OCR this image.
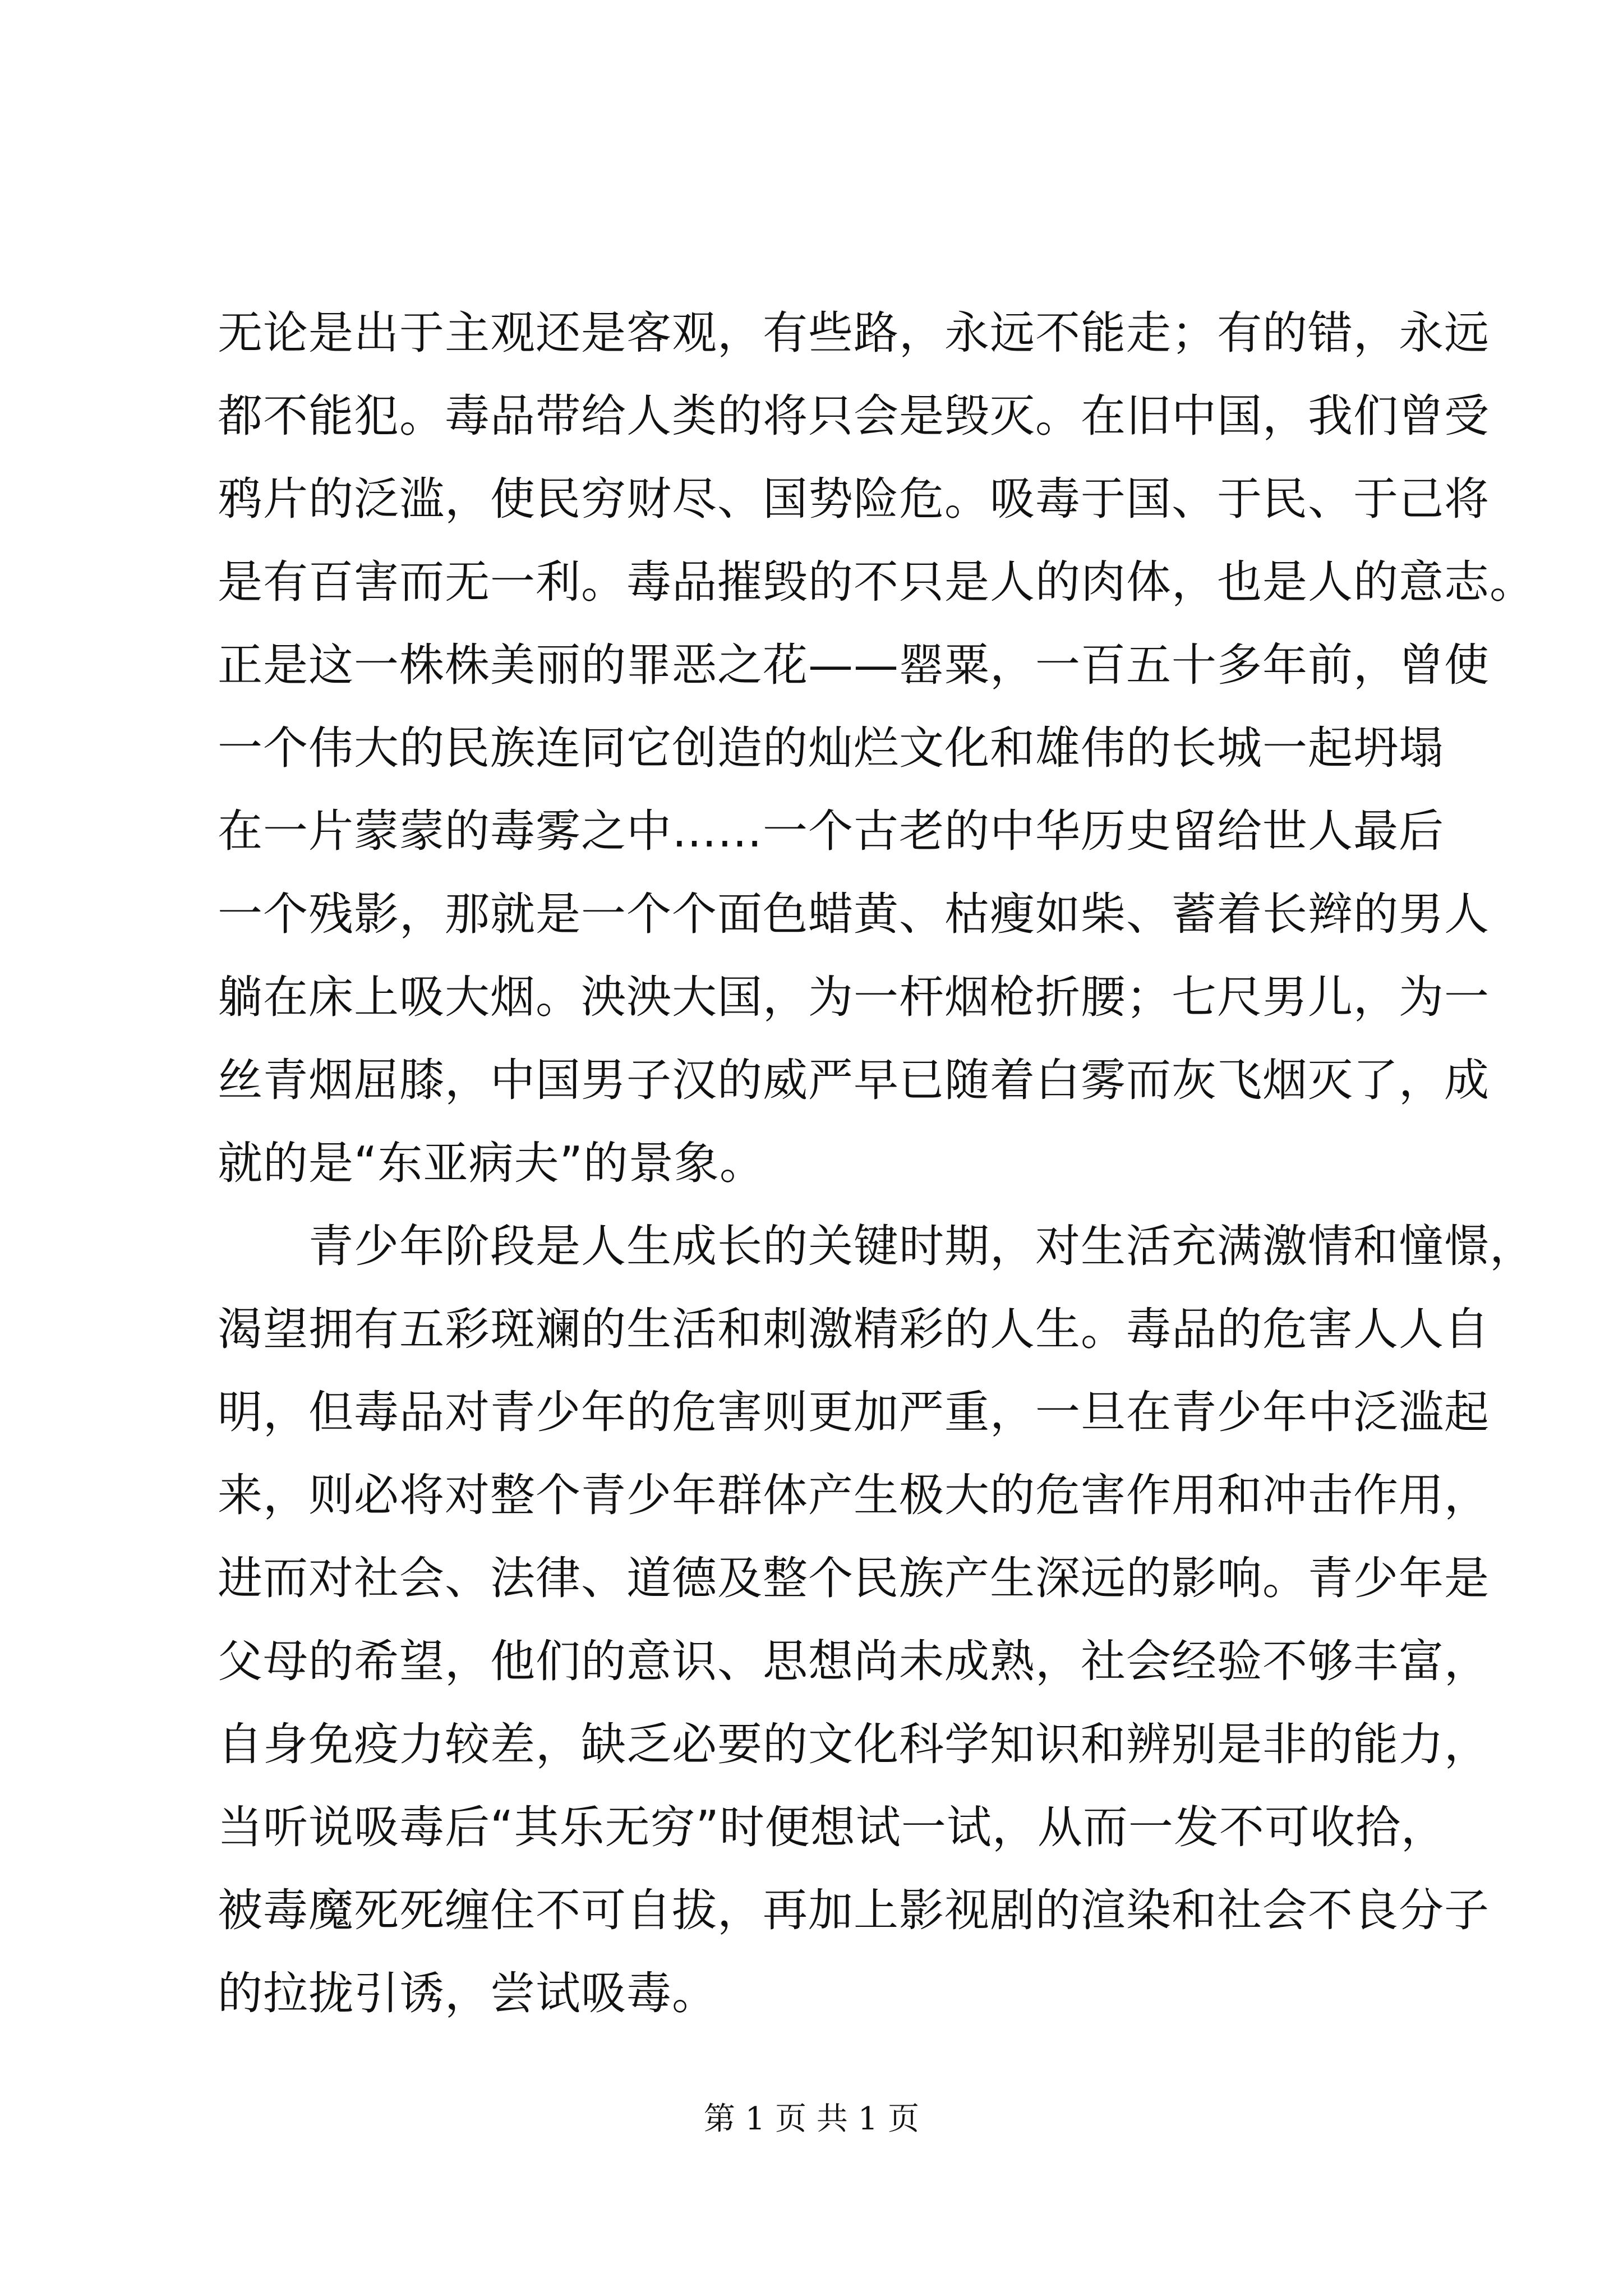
无论是出于主观还是客观，有些路，永远不能走；有的错，永远
都不能犯。毒品带给人类的将只会是毁灭。在旧中国，我们曾受
鸦片的泛滥，使民穷财尽、国势险危。吸毒于国、于民、于己将
是有百害而无一利。毒品摧毁的不只是人的肉体，也是人的意志。
正是这一株株美丽的罪恶之花——罂粟，一百五十多年前，曾使
一个伟大的民族连同它创造的灿烂文化和雄伟的长城一起坍塌
在一片蒙蒙的毒雾之中……一个古老的中华历史留给世人最后
一个残影，那就是一个个面色蜡黄、枯瘦如柴、蓄着长辫的男人
躺在床上吸大烟。泱泱大国，为一杆烟枪折腰；七尺男儿，为一
丝青烟屈膝，中国男子汉的威严早已随着白雾而灰飞烟灭了，成
就的是“东亚病夫”的景象。
　　青少年阶段是人生成长的关键时期，对生活充满激情和憧憬，
渴望拥有五彩斑斓的生活和刺激精彩的人生。毒品的危害人人自
明，但毒品对青少年的危害则更加严重，一旦在青少年中泛滥起
来，则必将对整个青少年群体产生极大的危害作用和冲击作用，
进而对社会、法律、道德及整个民族产生深远的影响。青少年是
父母的希望，他们的意识、思想尚未成熟，社会经验不够丰富，
自身免疫力较差，缺乏必要的文化科学知识和辨别是非的能力，
当听说吸毒后“其乐无穷”时便想试一试，从而一发不可收拾，
被毒魔死死缠住不可自拔，再加上影视剧的渲染和社会不良分子
的拉拢引诱，尝试吸毒。
第 1 页 共 1 页
